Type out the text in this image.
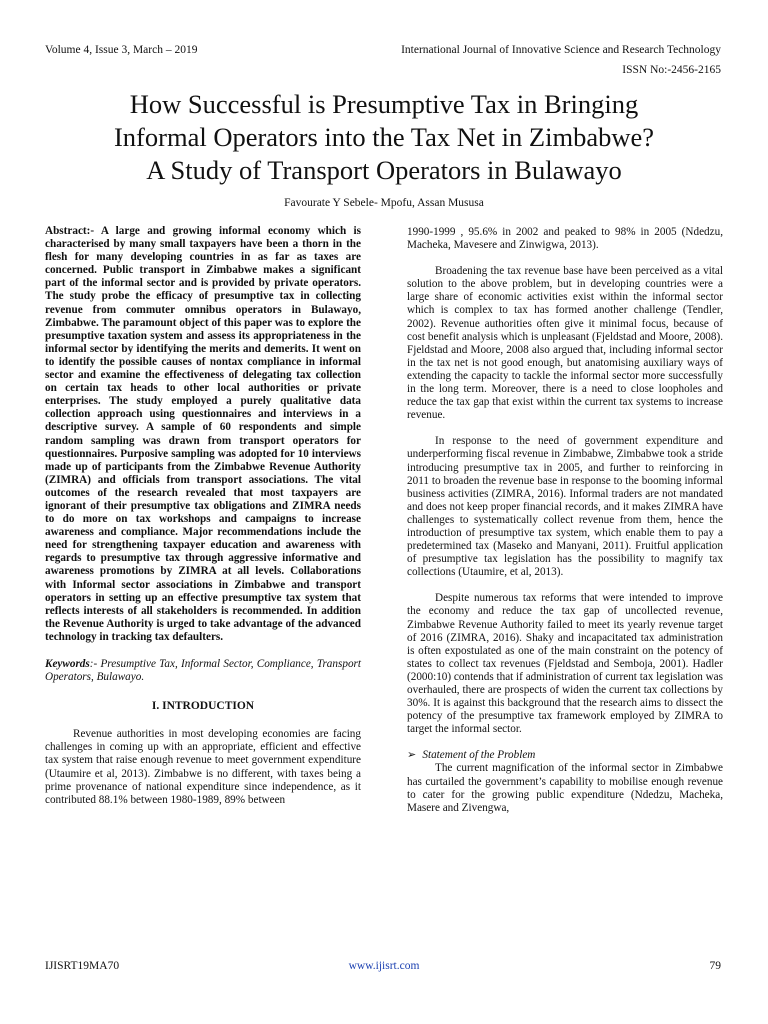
Volume 4, Issue 3, March – 2019	International Journal of Innovative Science and Research Technology
ISSN No:-2456-2165
How Successful is Presumptive Tax in Bringing
Informal Operators into the Tax Net in Zimbabwe?
A Study of Transport Operators in Bulawayo
Favourate Y Sebele- Mpofu, Assan Mususa

Abstract:- A large and growing informal economy which is characterised by many small taxpayers have been a thorn in the flesh for many developing countries in as far as taxes are concerned. Public transport in Zimbabwe makes a significant part of the informal sector and is provided by private operators. The study probe the efficacy of presumptive tax in collecting revenue from commuter omnibus operators in Bulawayo, Zimbabwe. The paramount object of this paper was to explore the presumptive taxation system and assess its appropriateness in the informal sector by identifying the merits and demerits. It went on to identify the possible causes of nontax compliance in informal sector and examine the effectiveness of delegating tax collection on certain tax heads to other local authorities or private enterprises. The study employed a purely qualitative data collection approach using questionnaires and interviews in a descriptive survey. A sample of 60 respondents and simple random sampling was drawn from transport operators for questionnaires. Purposive sampling was adopted for 10 interviews made up of participants from the Zimbabwe Revenue Authority (ZIMRA) and officials from transport associations. The vital outcomes of the research revealed that most taxpayers are ignorant of their presumptive tax obligations and ZIMRA needs to do more on tax workshops and campaigns to increase awareness and compliance. Major recommendations include the need for strengthening taxpayer education and awareness with regards to presumptive tax through aggressive informative and awareness promotions by ZIMRA at all levels. Collaborations with Informal sector associations in Zimbabwe and transport operators in setting up an effective presumptive tax system that reflects interests of all stakeholders is recommended. In addition the Revenue Authority is urged to take advantage of the advanced technology in tracking tax defaulters.

Keywords:- Presumptive Tax, Informal Sector, Compliance, Transport Operators, Bulawayo.

I. INTRODUCTION

Revenue authorities in most developing economies are facing challenges in coming up with an appropriate, efficient and effective tax system that raise enough revenue to meet government expenditure (Utaumire et al, 2013). Zimbabwe is no different, with taxes being a prime provenance of national expenditure since independence, as it contributed 88.1% between 1980-1989, 89% between

1990-1999 , 95.6% in 2002 and peaked to 98% in 2005 (Ndedzu, Macheka, Mavesere and Zinwigwa, 2013).

Broadening the tax revenue base have been perceived as a vital solution to the above problem, but in developing countries were a large share of economic activities exist within the informal sector which is complex to tax has formed another challenge (Tendler, 2002). Revenue authorities often give it minimal focus, because of cost benefit analysis which is unpleasant (Fjeldstad and Moore, 2008). Fjeldstad and Moore, 2008 also argued that, including informal sector in the tax net is not good enough, but anatomising auxiliary ways of extending the capacity to tackle the informal sector more successfully in the long term. Moreover, there is a need to close loopholes and reduce the tax gap that exist within the current tax systems to increase revenue.

In response to the need of government expenditure and underperforming fiscal revenue in Zimbabwe, Zimbabwe took a stride introducing presumptive tax in 2005, and further to reinforcing in 2011 to broaden the revenue base in response to the booming informal business activities (ZIMRA, 2016). Informal traders are not mandated and does not keep proper financial records, and it makes ZIMRA have challenges to systematically collect revenue from them, hence the introduction of presumptive tax system, which enable them to pay a predetermined tax (Maseko and Manyani, 2011). Fruitful application of presumptive tax legislation has the possibility to magnify tax collections (Utaumire, et al, 2013).

Despite numerous tax reforms that were intended to improve the economy and reduce the tax gap of uncollected revenue, Zimbabwe Revenue Authority failed to meet its yearly revenue target of 2016 (ZIMRA, 2016). Shaky and incapacitated tax administration is often expostulated as one of the main constraint on the potency of states to collect tax revenues (Fjeldstad and Semboja, 2001). Hadler (2000:10) contends that if administration of current tax legislation was overhauled, there are prospects of widen the current tax collections by 30%. It is against this background that the research aims to dissect the potency of the presumptive tax framework employed by ZIMRA to target the informal sector.

➢ Statement of the Problem

The current magnification of the informal sector in Zimbabwe has curtailed the government’s capability to mobilise enough revenue to cater for the growing public expenditure (Ndedzu, Macheka, Masere and Zivengwa,

IJISRT19MA70	www.ijisrt.com	79
